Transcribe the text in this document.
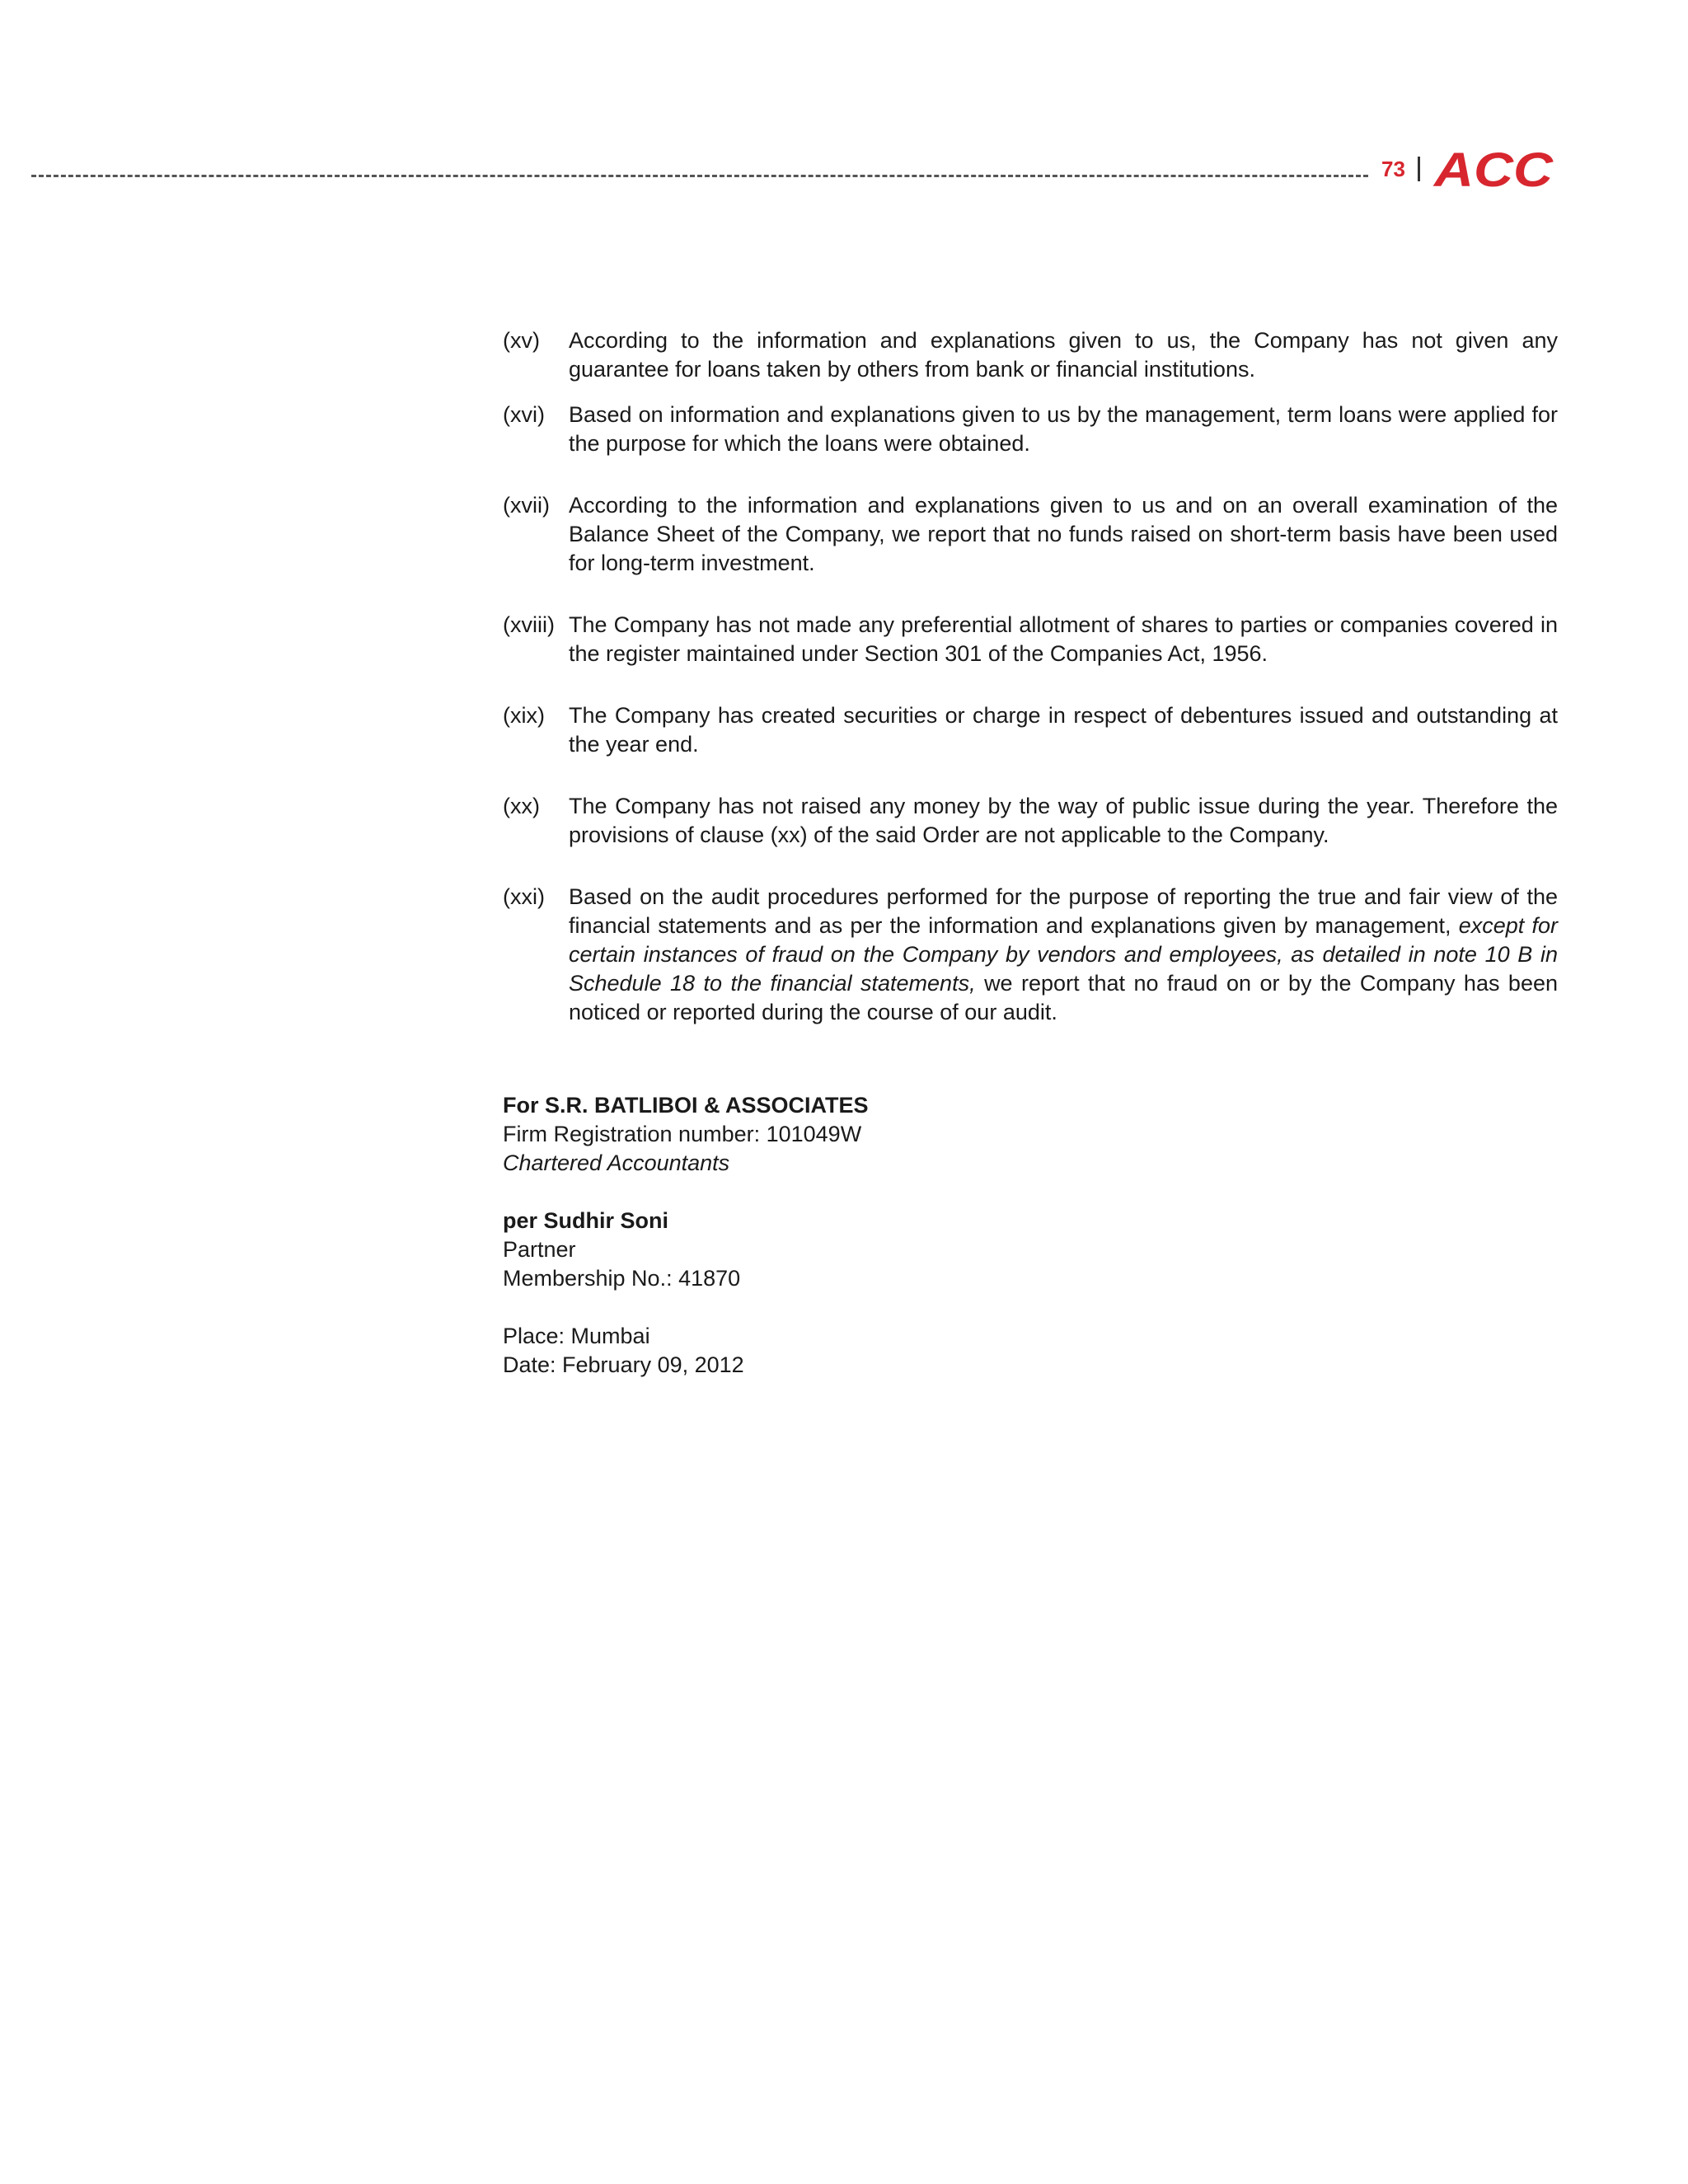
73 ACC
(xv)	According to the information and explanations given to us, the Company has not given any guarantee for loans taken by others from bank or financial institutions.
(xvi)	Based on information and explanations given to us by the management, term loans were applied for the purpose for which the loans were obtained.
(xvii) According to the information and explanations given to us and on an overall examination of the Balance Sheet of the Company, we report that no funds raised on short-term basis have been used for long-term investment.
(xviii) The Company has not made any preferential allotment of shares to parties or companies covered in the register maintained under Section 301 of the Companies Act, 1956.
(xix)	The Company has created securities or charge in respect of debentures issued and outstanding at the year end.
(xx)	The Company has not raised any money by the way of public issue during the year. Therefore the provisions of clause (xx) of the said Order are not applicable to the Company.
(xxi)	Based on the audit procedures performed for the purpose of reporting the true and fair view of the financial statements and as per the information and explanations given by management, except for certain instances of fraud on the Company by vendors and employees, as detailed in note 10 B in Schedule 18 to the financial statements, we report that no fraud on or by the Company has been noticed or reported during the course of our audit.
For S.R. BATLIBOI & ASSOCIATES
Firm Registration number: 101049W
Chartered Accountants
per Sudhir Soni
Partner
Membership No.: 41870
Place: Mumbai
Date: February 09, 2012
